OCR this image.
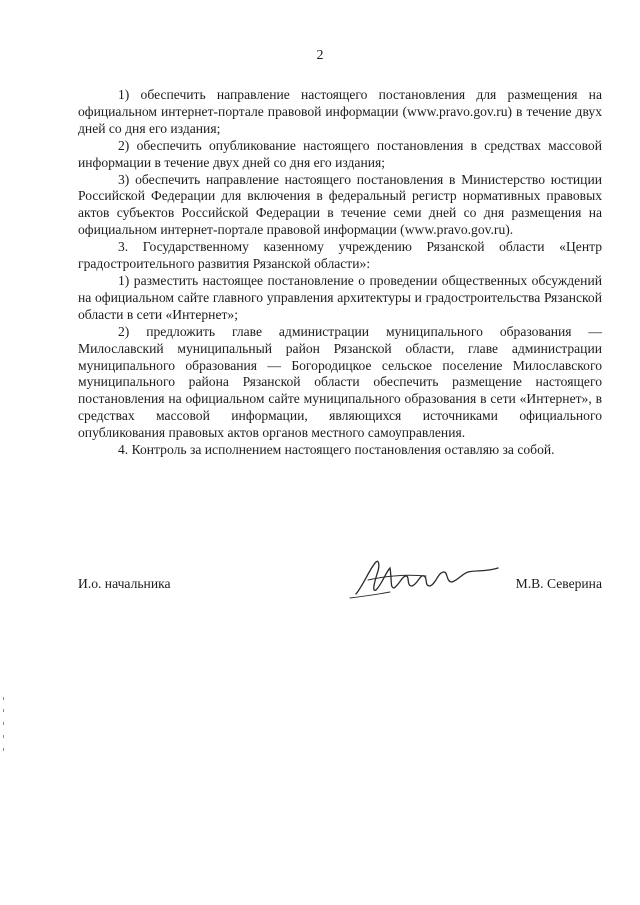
2

1) обеспечить направление настоящего постановления для размещения на официальном интернет-портале правовой информации (www.pravo.gov.ru) в течение двух дней со дня его издания;

2) обеспечить опубликование настоящего постановления в средствах массовой информации в течение двух дней со дня его издания;

3) обеспечить направление настоящего постановления в Министерство юстиции Российской Федерации для включения в федеральный регистр нормативных правовых актов субъектов Российской Федерации в течение семи дней со дня размещения на официальном интернет-портале правовой информации (www.pravo.gov.ru).

3. Государственному казенному учреждению Рязанской области «Центр градостроительного развития Рязанской области»:

1) разместить настоящее постановление о проведении общественных обсуждений на официальном сайте главного управления архитектуры и градостроительства Рязанской области в сети «Интернет»;

2) предложить главе администрации муниципального образования — Милославский муниципальный район Рязанской области, главе администрации муниципального образования — Богородицкое сельское поселение Милославского муниципального района Рязанской области обеспечить размещение настоящего постановления на официальном сайте муниципального образования в сети «Интернет», в средствах массовой информации, являющихся источниками официального опубликования правовых актов органов местного самоуправления.

4. Контроль за исполнением настоящего постановления оставляю за собой.

И.о. начальника	М.В. Северина
